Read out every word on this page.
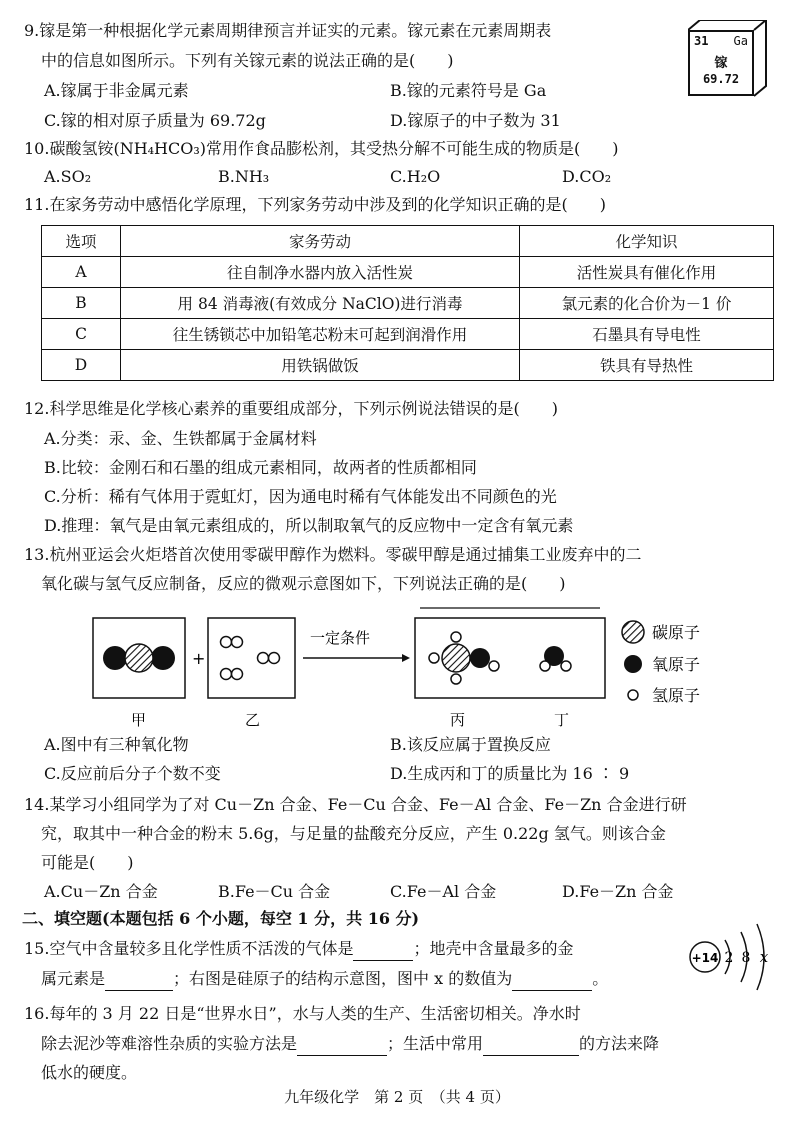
9.镓是第一种根据化学元素周期律预言并证实的元素。镓元素在元素周期表
中的信息如图所示。下列有关镓元素的说法正确的是(　　)
A.镓属于非金属元素	B.镓的元素符号是 Ga
C.镓的相对原子质量为 69.72g	D.镓原子的中子数为 31
31 Ga
镓
69.72
10.碳酸氢铵(NH₄HCO₃)常用作食品膨松剂，其受热分解不可能生成的物质是(　　)
A.SO₂	B.NH₃	C.H₂O	D.CO₂
11.在家务劳动中感悟化学原理，下列家务劳动中涉及到的化学知识正确的是(　　)
选项	家务劳动	化学知识
A	往自制净水器内放入活性炭	活性炭具有催化作用
B	用 84 消毒液(有效成分 NaClO)进行消毒	氯元素的化合价为－1 价
C	往生锈锁芯中加铅笔芯粉末可起到润滑作用	石墨具有导电性
D	用铁锅做饭	铁具有导热性
12.科学思维是化学核心素养的重要组成部分，下列示例说法错误的是(　　)
A.分类：汞、金、生铁都属于金属材料
B.比较：金刚石和石墨的组成元素相同，故两者的性质都相同
C.分析：稀有气体用于霓虹灯，因为通电时稀有气体能发出不同颜色的光
D.推理：氧气是由氧元素组成的，所以制取氧气的反应物中一定含有氧元素
13.杭州亚运会火炬塔首次使用零碳甲醇作为燃料。零碳甲醇是通过捕集工业废弃中的二
氧化碳与氢气反应制备，反应的微观示意图如下，下列说法正确的是(　　)
+
一定条件	碳原子
氧原子
氢原子
甲	乙	丙	丁
A.图中有三种氧化物	B.该反应属于置换反应
C.反应前后分子个数不变	D.生成丙和丁的质量比为 16 ∶ 9
14.某学习小组同学为了对 Cu－Zn 合金、Fe－Cu 合金、Fe－Al 合金、Fe－Zn 合金进行研
究，取其中一种合金的粉末 5.6g，与足量的盐酸充分反应，产生 0.22g 氢气。则该合金
可能是(　　)
A.Cu－Zn 合金	B.Fe－Cu 合金	C.Fe－Al 合金	D.Fe－Zn 合金
二、填空题(本题包括 6 个小题，每空 1 分，共 16 分)
15.空气中含量较多且化学性质不活泼的气体是	；地壳中含量最多的金
属元素是	；右图是硅原子的结构示意图，图中 x 的数值为	。
+14 2 8 x
16.每年的 3 月 22 日是“世界水日”，水与人类的生产、生活密切相关。净水时
除去泥沙等难溶性杂质的实验方法是	；生活中常用	的方法来降
低水的硬度。
九年级化学　第 2 页　（共 4 页）
